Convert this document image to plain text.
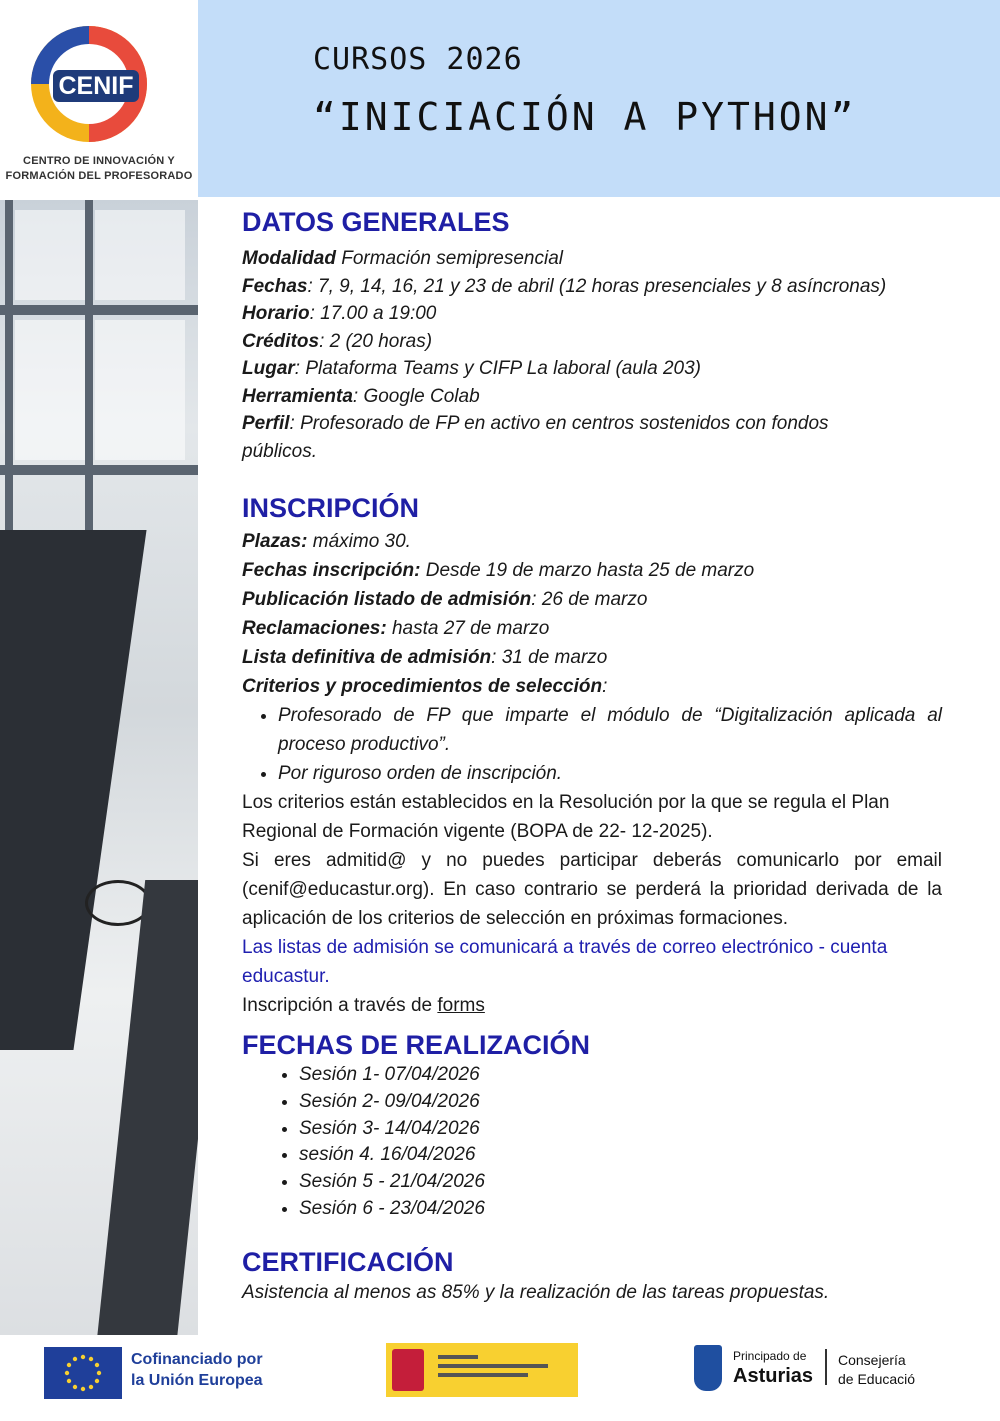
CENIF
CENTRO DE INNOVACIÓN Y
FORMACIÓN DEL PROFESORADO
CURSOS 2026
“INICIACIÓN A PYTHON”
DATOS GENERALES
Modalidad Formación semipresencial
Fechas: 7, 9, 14, 16, 21 y 23 de abril (12 horas presenciales y 8 asíncronas)
Horario: 17.00 a 19:00
Créditos: 2 (20 horas)
Lugar: Plataforma Teams y CIFP La laboral (aula 203)
Herramienta: Google Colab
Perfil: Profesorado de FP en activo en centros sostenidos con fondos públicos.
INSCRIPCIÓN
Plazas: máximo 30.
Fechas inscripción: Desde 19 de marzo hasta 25 de marzo
Publicación listado de admisión: 26 de marzo
Reclamaciones: hasta 27 de marzo
Lista definitiva de admisión: 31 de marzo
Criterios y procedimientos de selección:
• Profesorado de FP que imparte el módulo de “Digitalización aplicada al proceso productivo”.
• Por riguroso orden de inscripción.
Los criterios están establecidos en la Resolución por la que se regula el Plan Regional de Formación vigente (BOPA de 22- 12-2025).
Si eres admitid@ y no puedes participar deberás comunicarlo por email (cenif@educastur.org). En caso contrario se perderá la prioridad derivada de la aplicación de los criterios de selección en próximas formaciones.
Las listas de admisión se comunicará a través de correo electrónico - cuenta educastur.
Inscripción a través de forms
FECHAS DE REALIZACIÓN
• Sesión 1- 07/04/2026
• Sesión 2- 09/04/2026
• Sesión 3- 14/04/2026
• sesión 4. 16/04/2026
• Sesión 5 - 21/04/2026
• Sesión 6 - 23/04/2026
CERTIFICACIÓN
Asistencia al menos as 85% y la realización de las tareas propuestas.
Cofinanciado por
la Unión Europea
Principado de
Asturias
Consejería
de Educació
